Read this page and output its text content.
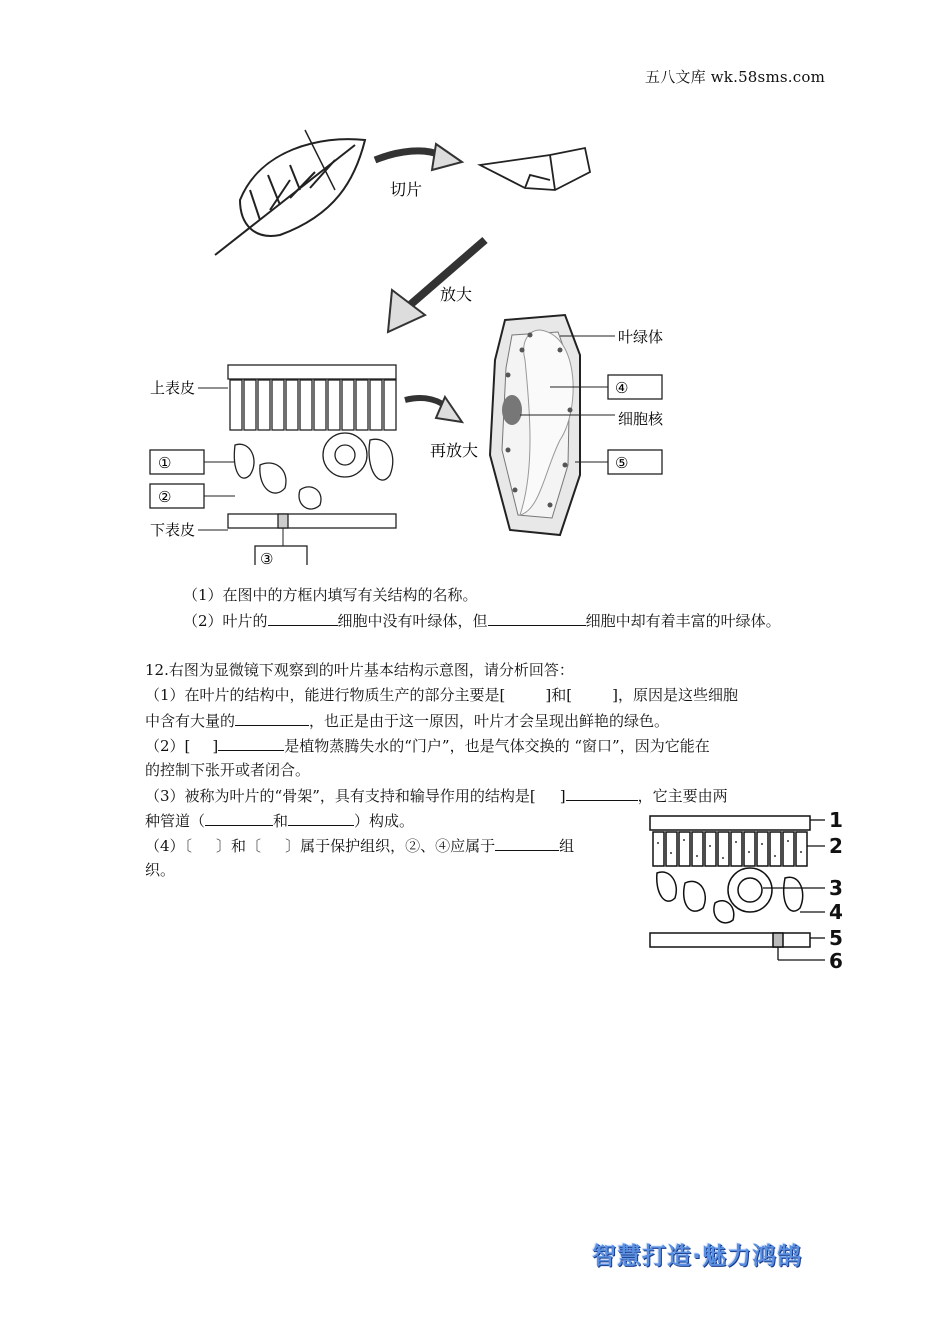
五八文库 wk.58sms.com
切片
放大
上表皮
下表皮
①
②
③
再放大
叶绿体
④
细胞核
⑤
（1）在图中的方框内填写有关结构的名称。
（2）叶片的	细胞中没有叶绿体，但	细胞中却有着丰富的叶绿体。
12.右图为显微镜下观察到的叶片基本结构示意图，请分析回答：
（1）在叶片的结构中，能进行物质生产的部分主要是[	]和[	]，原因是这些细胞
中含有大量的	，也正是由于这一原因，叶片才会呈现出鲜艳的绿色。
（2）[ ]	是植物蒸腾失水的“门户”，也是气体交换的 “窗口”，因为它能在
的控制下张开或者闭合。
（3）被称为叶片的“骨架”，具有支持和输导作用的结构是[ ]	，它主要由两
种管道（	和	）构成。
（4）〔 〕和〔 〕属于保护组织，②、④应属于	组
织。
1
2
3
4
5
6
智慧打造·魅力鸿鹄
